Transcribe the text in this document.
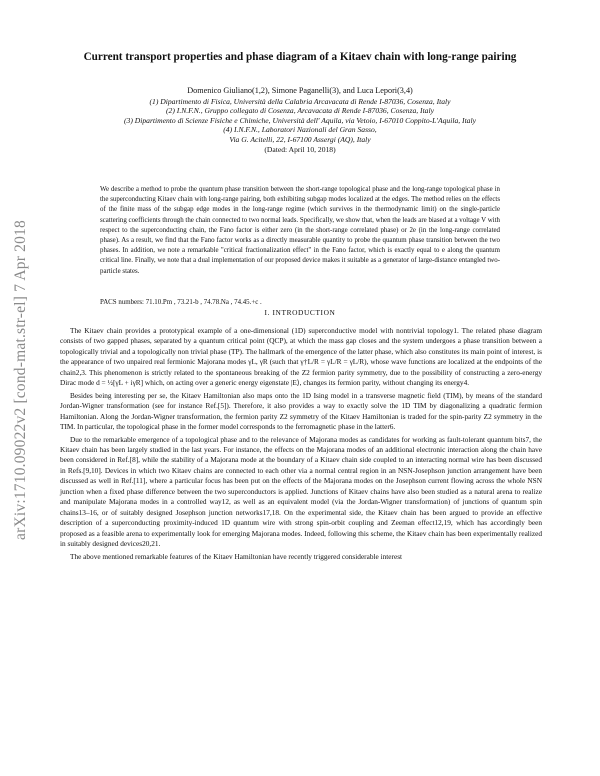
arXiv:1710.09022v2 [cond-mat.str-el] 7 Apr 2018
Current transport properties and phase diagram of a Kitaev chain with long-range pairing
Domenico Giuliano(1,2), Simone Paganelli(3), and Luca Lepori(3,4)
(1) Dipartimento di Fisica, Università della Calabria Arcavacata di Rende I-87036, Cosenza, Italy
(2) I.N.F.N., Gruppo collegato di Cosenza, Arcavacata di Rende I-87036, Cosenza, Italy
(3) Dipartimento di Scienze Fisiche e Chimiche, Università dell' Aquila, via Vetoio, I-67010 Coppito-L'Aquila, Italy
(4) I.N.F.N., Laboratori Nazionali del Gran Sasso,
Via G. Acitelli, 22, I-67100 Assergi (AQ), Italy
(Dated: April 10, 2018)
We describe a method to probe the quantum phase transition between the short-range topological phase and the long-range topological phase in the superconducting Kitaev chain with long-range pairing, both exhibiting subgap modes localized at the edges. The method relies on the effects of the finite mass of the subgap edge modes in the long-range regime (which survives in the thermodynamic limit) on the single-particle scattering coefficients through the chain connected to two normal leads. Specifically, we show that, when the leads are biased at a voltage V with respect to the superconducting chain, the Fano factor is either zero (in the short-range correlated phase) or 2e (in the long-range correlated phase). As a result, we find that the Fano factor works as a directly measurable quantity to probe the quantum phase transition between the two phases. In addition, we note a remarkable "critical fractionalization effect" in the Fano factor, which is exactly equal to e along the quantum critical line. Finally, we note that a dual implementation of our proposed device makes it suitable as a generator of large-distance entangled two-particle states.
PACS numbers: 71.10.Pm , 73.21-b , 74.78.Na , 74.45.+c .
I. INTRODUCTION

The Kitaev chain provides a prototypical example of a one-dimensional (1D) superconductive model with nontrivial topology1. The related phase diagram consists of two gapped phases, separated by a quantum critical point (QCP), at which the mass gap closes and the system undergoes a phase transition between a topologically trivial and a topologically non trivial phase (TP). The hallmark of the emergence of the latter phase, which also constitutes its main point of interest, is the appearance of two unpaired real fermionic Majorana modes γL, γR (such that γ†L/R = γL/R = γL/R), whose wave functions are localized at the endpoints of the chain2,3. This phenomenon is strictly related to the spontaneous breaking of the Z2 fermion parity symmetry, due to the possibility of constructing a zero-energy Dirac mode d = ½[γL + iγR] which, on acting over a generic energy eigenstate |E⟩, changes its fermion parity, without changing its energy4.

Besides being interesting per se, the Kitaev Hamiltonian also maps onto the 1D Ising model in a transverse magnetic field (TIM), by means of the standard Jordan-Wigner transformation (see for instance Ref.[5]). Therefore, it also provides a way to exactly solve the 1D TIM by diagonalizing a quadratic fermion Hamiltonian. Along the Jordan-Wigner transformation, the fermion parity Z2 symmetry of the Kitaev Hamiltonian is traded for the spin-parity Z2 symmetry in the TIM. In particular, the topological phase in the former model corresponds to the ferromagnetic phase in the latter6.

Due to the remarkable emergence of a topological phase and to the relevance of Majorana modes as candidates for working as fault-tolerant quantum bits7, the Kitaev chain has been largely studied in the last years. For instance, the effects on the Majorana modes of an additional electronic interaction along the chain have been considered in Ref.[8], while the stability of a Majorana mode at the boundary of a Kitaev chain side coupled to an interacting normal wire has been discussed in Refs.[9,10]. Devices in which two Kitaev chains are connected to each other via a normal central region in an NSN-Josephson junction arrangement have been discussed as well in Ref.[11], where a particular focus has been put on the effects of the Majorana modes on the Josephson current flowing across the whole NSN junction when a fixed phase difference between the two superconductors is applied. Junctions of Kitaev chains have also been studied as a natural arena to realize and manipulate Majorana modes in a controlled way12, as well as an equivalent model (via the Jordan-Wigner transformation) of junctions of quantum spin chains13–16, or of suitably designed Josephson junction networks17,18. On the experimental side, the Kitaev chain has been argued to provide an effective description of a superconducting proximity-induced 1D quantum wire with strong spin-orbit coupling and Zeeman effect12,19, which has accordingly been proposed as a feasible arena to experimentally look for emerging Majorana modes. Indeed, following this scheme, the Kitaev chain has been experimentally realized in suitably designed devices20,21.

The above mentioned remarkable features of the Kitaev Hamiltonian have recently triggered considerable interest
